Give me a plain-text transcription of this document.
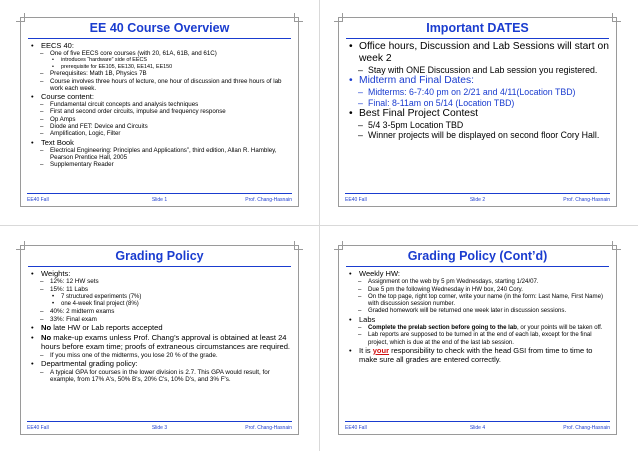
EE 40 Course Overview

• EECS 40:

– One of five EECS core courses (with 20, 61A, 61B, and 61C)

• introduces “hardware” side of EECS

• prerequisite for EE105, EE130, EE141, EE150

– Prerequisites: Math 1B, Physics 7B

– Course involves three hours of lecture, one hour of discussion and three hours of lab work each week.

• Course content:

– Fundamental circuit concepts and analysis techniques

– First and second order circuits, impulse and frequency response

– Op Amps

– Diode and FET: Device and Circuits

– Amplification, Logic, Filter

• Text Book

– Electrical Engineering: Principles and Applications”, third edition, Allan R. Hambley, Pearson Prentice Hall, 2005

– Supplementary Reader

EE40 Fall	Slide 1	Prof. Chang-Hasnain
Important DATES

• Office hours, Discussion and Lab Sessions will start on week 2

– Stay with ONE Discussion and Lab session you registered.

• Midterm and Final Dates:

– Midterms: 6-7:40 pm on 2/21 and 4/11(Location TBD)

– Final: 8-11am on 5/14 (Location TBD)

• Best Final Project Contest

– 5/4 3-5pm Location TBD

– Winner projects will be displayed on second floor Cory Hall.

EE40 Fall	Slide 2	Prof. Chang-Hasnain
Grading Policy

• Weights:

– 12%: 12 HW sets

– 15%: 11 Labs

• 7 structured experiments (7%)

• one 4-week final project (8%)

– 40%: 2 midterm exams

– 33%: Final exam

• No late HW or Lab reports accepted

• No make-up exams unless Prof. Chang’s approval is obtained at least 24 hours before exam time; proofs of extraneous circumstances are required.

– If you miss one of the midterms, you lose 20 % of the grade.

• Departmental grading policy:

– A typical GPA for courses in the lower division is 2.7. This GPA would result, for example, from 17% A's, 50% B's, 20% C's, 10% D's, and 3% F's.

EE40 Fall	Slide 3	Prof. Chang-Hasnain
Grading Policy (Cont’d)

• Weekly HW:

– Assignment on the web by 5 pm Wednesdays, starting 1/24/07.

– Due 5 pm the following Wednesday in HW box, 240 Cory.

– On the top page, right top corner, write your name (in the form: Last Name, First Name) with discussion session number.

– Graded homework will be returned one week later in discussion sessions.

• Labs

– Complete the prelab section before going to the lab, or your points will be taken off.

– Lab reports are supposed to be turned in at the end of each lab, except for the final project, which is due at the end of the last lab session.

• It is your responsibility to check with the head GSI from time to time to make sure all grades are entered correctly.

EE40 Fall	Slide 4	Prof. Chang-Hasnain
